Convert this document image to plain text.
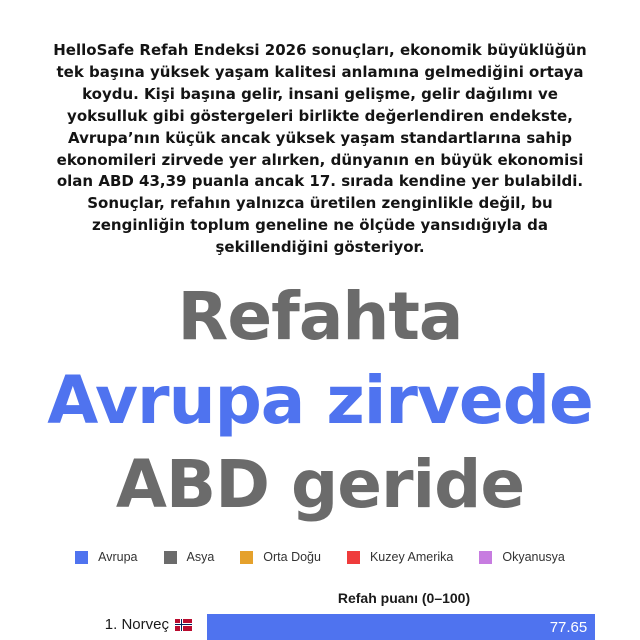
HelloSafe Refah Endeksi 2026 sonuçları, ekonomik büyüklüğün tek başına yüksek yaşam kalitesi anlamına gelmediğini ortaya koydu. Kişi başına gelir, insani gelişme, gelir dağılımı ve yoksulluk gibi göstergeleri birlikte değerlendiren endekste, Avrupa’nın küçük ancak yüksek yaşam standartlarına sahip ekonomileri zirvede yer alırken, dünyanın en büyük ekonomisi olan ABD 43,39 puanla ancak 17. sırada kendine yer bulabildi. Sonuçlar, refahın yalnızca üretilen zenginlikle değil, bu zenginliğin toplum geneline ne ölçüde yansıdığıyla da şekillendiğini gösteriyor.
Refahta
Avrupa zirvede
ABD geride
Avrupa	Asya	Orta Doğu	Kuzey Amerika	Okyanusya
Refah puanı (0–100)
1. Norveç	77.65
